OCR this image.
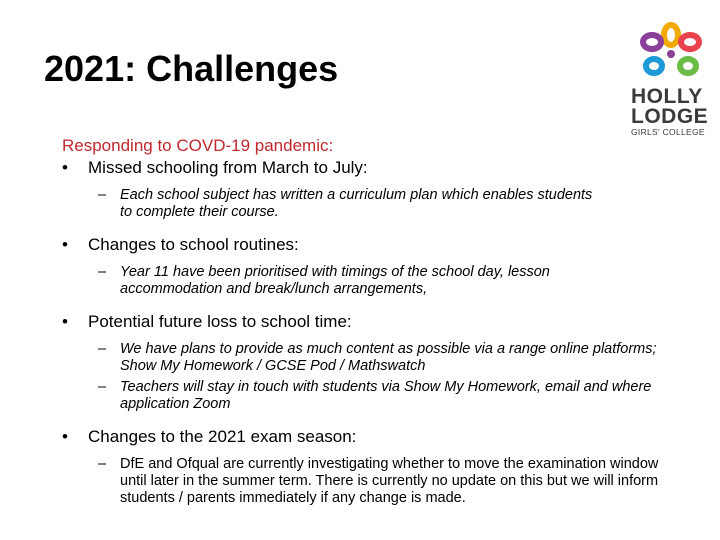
2021: Challenges
HOLLY
LODGE
GIRLS' COLLEGE
Responding to COVD-19 pandemic:
•	Missed schooling from March to July:
– Each school subject has written a curriculum plan which enables students to complete their course.
•	Changes to school routines:
– Year 11 have been prioritised with timings of the school day, lesson accommodation and break/lunch arrangements,
•	Potential future loss to school time:
– We have plans to provide as much content as possible via a range online platforms; Show My Homework / GCSE Pod / Mathswatch
– Teachers will stay in touch with students via Show My Homework, email and where application Zoom
•	Changes to the 2021 exam season:
– DfE and Ofqual are currently investigating whether to move the examination window until later in the summer term. There is currently no update on this but we will inform students / parents immediately if any change is made.
